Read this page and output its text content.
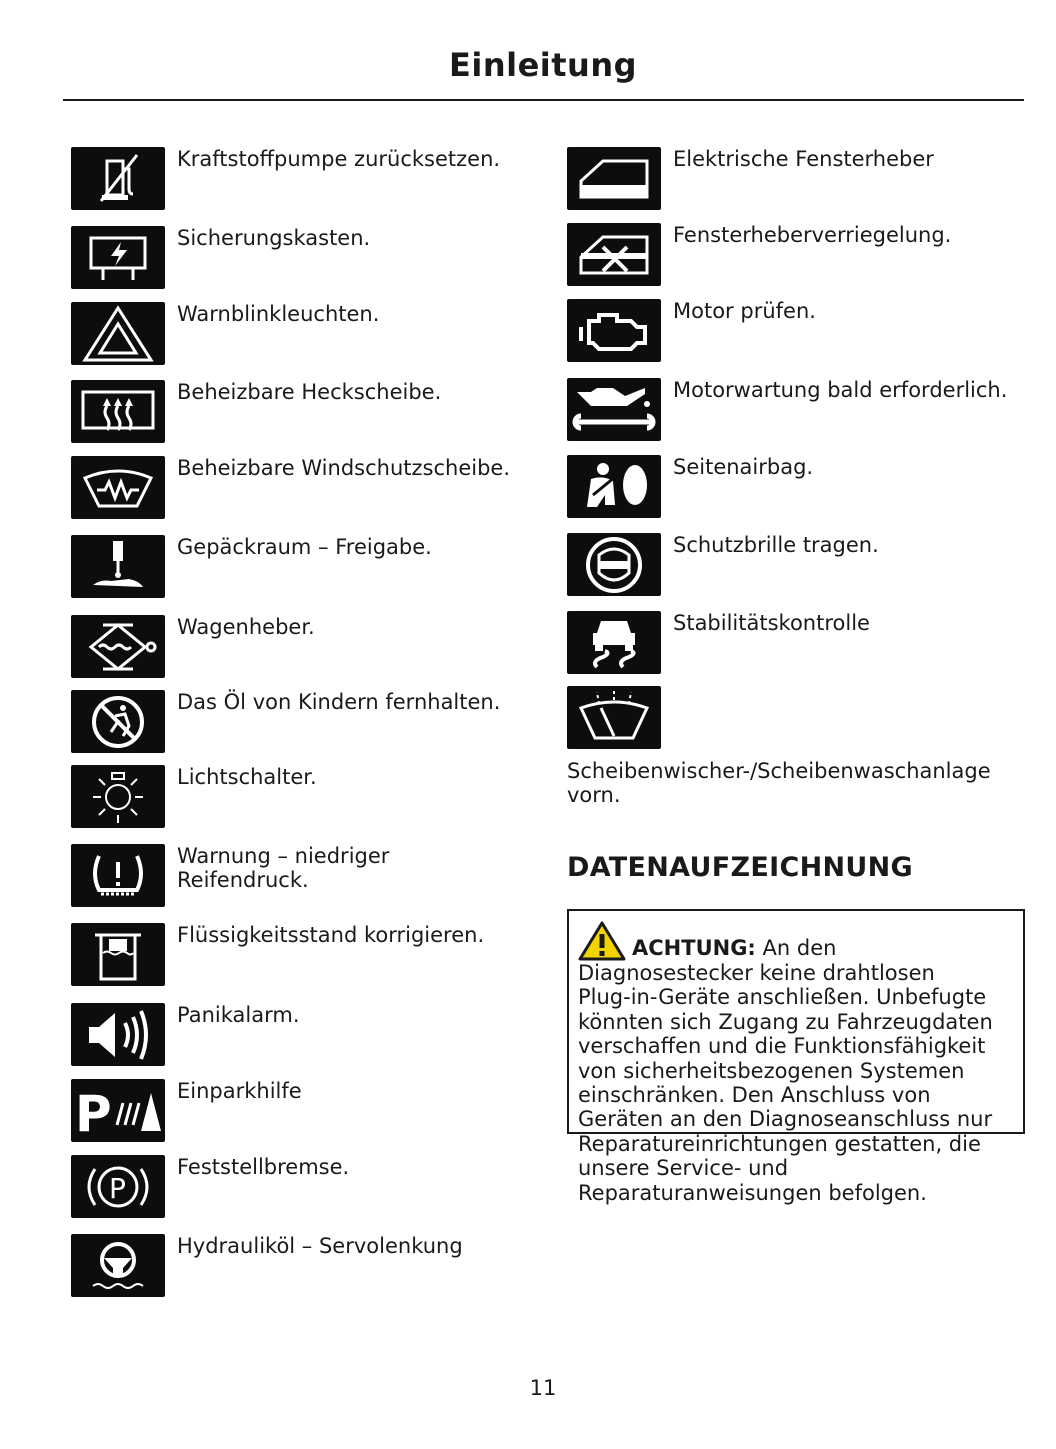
Einleitung
Kraftstoffpumpe zurücksetzen.
Sicherungskasten.
Warnblinkleuchten.
Beheizbare Heckscheibe.
Beheizbare Windschutzscheibe.
Gepäckraum – Freigabe.
Wagenheber.
Das Öl von Kindern fernhalten.
Lichtschalter.
Warnung – niedriger
Reifendruck.
Flüssigkeitsstand korrigieren.
Panikalarm.
P	Einparkhilfe
P
Feststellbremse.
Hydrauliköl – Servolenkung
Elektrische Fensterheber
Fensterheberverriegelung.
Motor prüfen.
Motorwartung bald erforderlich.
Seitenairbag.
Schutzbrille tragen.
Stabilitätskontrolle
Scheibenwischer-/Scheibenwaschanlage
vorn.
DATENAUFZEICHNUNG
ACHTUNG: An den
Diagnosestecker keine drahtlosen
Plug-in-Geräte anschließen. Unbefugte
könnten sich Zugang zu Fahrzeugdaten
verschaffen und die Funktionsfähigkeit
von sicherheitsbezogenen Systemen
einschränken. Den Anschluss von
Geräten an den Diagnoseanschluss nur
Reparatureinrichtungen gestatten, die
unsere Service- und
Reparaturanweisungen befolgen.
11
